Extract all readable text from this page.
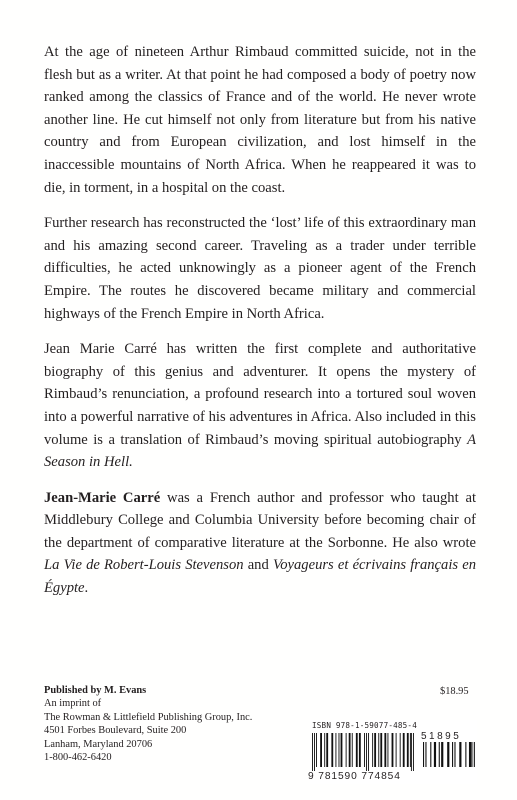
At the age of nineteen Arthur Rimbaud committed suicide, not in the flesh but as a writer. At that point he had composed a body of poetry now ranked among the classics of France and of the world. He never wrote another line. He cut himself not only from literature but from his native country and from European civilization, and lost himself in the inaccessible mountains of North Africa. When he reappeared it was to die, in torment, in a hospital on the coast.

Further research has reconstructed the ‘lost’ life of this extraordinary man and his amazing second career. Traveling as a trader under terrible difficulties, he acted unknowingly as a pioneer agent of the French Empire. The routes he discovered became military and commercial highways of the French Empire in North Africa.

Jean Marie Carré has written the first complete and authoritative biography of this genius and adventurer. It opens the mystery of Rimbaud’s renunciation, a profound research into a tortured soul woven into a powerful narrative of his adventures in Africa. Also included in this volume is a translation of Rimbaud’s moving spiritual autobiography A Season in Hell.

Jean-Marie Carré was a French author and professor who taught at Middlebury College and Columbia University before becoming chair of the department of comparative literature at the Sorbonne. He also wrote La Vie de Robert-Louis Stevenson and Voyageurs et écrivains français en Égypte.

Published by M. Evans
An imprint of
The Rowman & Littlefield Publishing Group, Inc.
4501 Forbes Boulevard, Suite 200
Lanham, Maryland 20706
1-800-462-6420
$18.95
ISBN 978-1-59077-485-4
51895
9 781590 774854
